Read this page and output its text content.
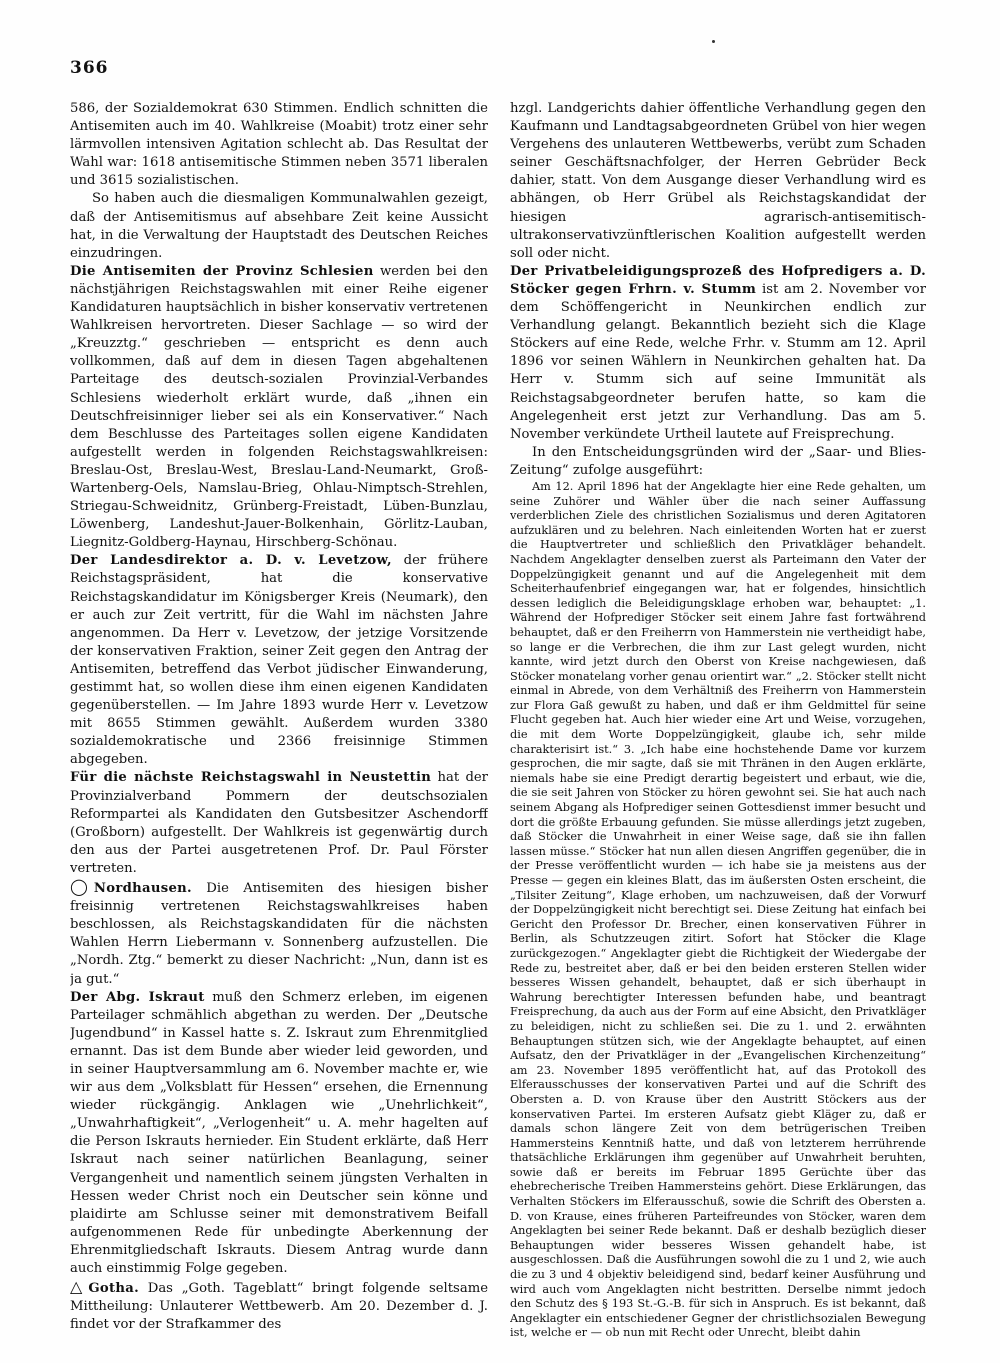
366

586, der Sozialdemokrat 630 Stimmen. Endlich schnitten die Antisemiten auch im 40. Wahlkreise (Moabit) trotz einer sehr lärmvollen intensiven Agitation schlecht ab. Das Resultat der Wahl war: 1618 antisemitische Stimmen neben 3571 liberalen und 3615 sozialistischen.

So haben auch die diesmaligen Kommunalwahlen gezeigt, daß der Antisemitismus auf absehbare Zeit keine Aussicht hat, in die Verwaltung der Hauptstadt des Deutschen Reiches einzudringen.

Die Antisemiten der Provinz Schlesien werden bei den nächstjährigen Reichstagswahlen mit einer Reihe eigener Kandidaturen hauptsächlich in bisher konservativ vertretenen Wahlkreisen hervortreten. Dieser Sachlage — so wird der „Kreuzztg.“ geschrieben — entspricht es denn auch vollkommen, daß auf dem in diesen Tagen abgehaltenen Parteitage des deutsch-sozialen Provinzial-Verbandes Schlesiens wiederholt erklärt wurde, daß „ihnen ein Deutschfreisinniger lieber sei als ein Konservativer.“ Nach dem Beschlusse des Parteitages sollen eigene Kandidaten aufgestellt werden in folgenden Reichstagswahlkreisen: Breslau-Ost, Breslau-West, Breslau-Land-Neumarkt, Groß-Wartenberg-Oels, Namslau-Brieg, Ohlau-Nimptsch-Strehlen, Striegau-Schweidnitz, Grünberg-Freistadt, Lüben-Bunzlau, Löwenberg, Landeshut-Jauer-Bolkenhain, Görlitz-Lauban, Liegnitz-Goldberg-Haynau, Hirschberg-Schönau.

Der Landesdirektor a. D. v. Levetzow, der frühere Reichstagspräsident, hat die konservative Reichstagskandidatur im Königsberger Kreis (Neumark), den er auch zur Zeit vertritt, für die Wahl im nächsten Jahre angenommen. Da Herr v. Levetzow, der jetzige Vorsitzende der konservativen Fraktion, seiner Zeit gegen den Antrag der Antisemiten, betreffend das Verbot jüdischer Einwanderung, gestimmt hat, so wollen diese ihm einen eigenen Kandidaten gegenüberstellen. — Im Jahre 1893 wurde Herr v. Levetzow mit 8655 Stimmen gewählt. Außerdem wurden 3380 sozialdemokratische und 2366 freisinnige Stimmen abgegeben.

Für die nächste Reichstagswahl in Neustettin hat der Provinzialverband Pommern der deutschsozialen Reformpartei als Kandidaten den Gutsbesitzer Aschendorff (Großborn) aufgestellt. Der Wahlkreis ist gegenwärtig durch den aus der Partei ausgetretenen Prof. Dr. Paul Förster vertreten.

◯ Nordhausen. Die Antisemiten des hiesigen bisher freisinnig vertretenen Reichstagswahlkreises haben beschlossen, als Reichstagskandidaten für die nächsten Wahlen Herrn Liebermann v. Sonnenberg aufzustellen. Die „Nordh. Ztg.“ bemerkt zu dieser Nachricht: „Nun, dann ist es ja gut.“

Der Abg. Iskraut muß den Schmerz erleben, im eigenen Parteilager schmählich abgethan zu werden. Der „Deutsche Jugendbund“ in Kassel hatte s. Z. Iskraut zum Ehrenmitglied ernannt. Das ist dem Bunde aber wieder leid geworden, und in seiner Hauptversammlung am 6. November machte er, wie wir aus dem „Volksblatt für Hessen“ ersehen, die Ernennung wieder rückgängig. Anklagen wie „Unehrlichkeit“, „Unwahrhaftigkeit“, „Verlogenheit“ u. A. mehr hagelten auf die Person Iskrauts hernieder. Ein Student erklärte, daß Herr Iskraut nach seiner natürlichen Beanlagung, seiner Vergangenheit und namentlich seinem jüngsten Verhalten in Hessen weder Christ noch ein Deutscher sein könne und plaidirte am Schlusse seiner mit demonstrativem Beifall aufgenommenen Rede für unbedingte Aberkennung der Ehrenmitgliedschaft Iskrauts. Diesem Antrag wurde dann auch einstimmig Folge gegeben.

△ Gotha. Das „Goth. Tageblatt“ bringt folgende seltsame Mittheilung: Unlauterer Wettbewerb. Am 20. Dezember d. J. findet vor der Strafkammer des

hzgl. Landgerichts dahier öffentliche Verhandlung gegen den Kaufmann und Landtagsabgeordneten Grübel von hier wegen Vergehens des unlauteren Wettbewerbs, verübt zum Schaden seiner Geschäftsnachfolger, der Herren Gebrüder Beck dahier, statt. Von dem Ausgange dieser Verhandlung wird es abhängen, ob Herr Grübel als Reichstagskandidat der hiesigen agrarisch-antisemitisch-ultrakonservativzünftlerischen Koalition aufgestellt werden soll oder nicht.

Der Privatbeleidigungsprozeß des Hofpredigers a. D. Stöcker gegen Frhrn. v. Stumm ist am 2. November vor dem Schöffengericht in Neunkirchen endlich zur Verhandlung gelangt. Bekanntlich bezieht sich die Klage Stöckers auf eine Rede, welche Frhr. v. Stumm am 12. April 1896 vor seinen Wählern in Neunkirchen gehalten hat. Da Herr v. Stumm sich auf seine Immunität als Reichstagsabgeordneter berufen hatte, so kam die Angelegenheit erst jetzt zur Verhandlung. Das am 5. November verkündete Urtheil lautete auf Freisprechung.

In den Entscheidungsgründen wird der „Saar- und Blies-Zeitung“ zufolge ausgeführt:

Am 12. April 1896 hat der Angeklagte hier eine Rede gehalten, um seine Zuhörer und Wähler über die nach seiner Auffassung verderblichen Ziele des christlichen Sozialismus und deren Agitatoren aufzuklären und zu belehren. Nach einleitenden Worten hat er zuerst die Hauptvertreter und schließlich den Privatkläger behandelt. Nachdem Angeklagter denselben zuerst als Parteimann den Vater der Doppelzüngigkeit genannt und auf die Angelegenheit mit dem Scheiterhaufenbrief eingegangen war, hat er folgendes, hinsichtlich dessen lediglich die Beleidigungsklage erhoben war, behauptet: „1. Während der Hofprediger Stöcker seit einem Jahre fast fortwährend behauptet, daß er den Freiherrn von Hammerstein nie vertheidigt habe, so lange er die Verbrechen, die ihm zur Last gelegt wurden, nicht kannte, wird jetzt durch den Oberst von Kreise nachgewiesen, daß Stöcker monatelang vorher genau orientirt war.“ „2. Stöcker stellt nicht einmal in Abrede, von dem Verhältniß des Freiherrn von Hammerstein zur Flora Gaß gewußt zu haben, und daß er ihm Geldmittel für seine Flucht gegeben hat. Auch hier wieder eine Art und Weise, vorzugehen, die mit dem Worte Doppelzüngigkeit, glaube ich, sehr milde charakterisirt ist.“ 3. „Ich habe eine hochstehende Dame vor kurzem gesprochen, die mir sagte, daß sie mit Thränen in den Augen erklärte, niemals habe sie eine Predigt derartig begeistert und erbaut, wie die, die sie seit Jahren von Stöcker zu hören gewohnt sei. Sie hat auch nach seinem Abgang als Hofprediger seinen Gottesdienst immer besucht und dort die größte Erbauung gefunden. Sie müsse allerdings jetzt zugeben, daß Stöcker die Unwahrheit in einer Weise sage, daß sie ihn fallen lassen müsse.“ Stöcker hat nun allen diesen Angriffen gegenüber, die in der Presse veröffentlicht wurden — ich habe sie ja meistens aus der Presse — gegen ein kleines Blatt, das im äußersten Osten erscheint, die „Tilsiter Zeitung“, Klage erhoben, um nachzuweisen, daß der Vorwurf der Doppelzüngigkeit nicht berechtigt sei. Diese Zeitung hat einfach bei Gericht den Professor Dr. Brecher, einen konservativen Führer in Berlin, als Schutzzeugen zitirt. Sofort hat Stöcker die Klage zurückgezogen.“ Angeklagter giebt die Richtigkeit der Wiedergabe der Rede zu, bestreitet aber, daß er bei den beiden ersteren Stellen wider besseres Wissen gehandelt, behauptet, daß er sich überhaupt in Wahrung berechtigter Interessen befunden habe, und beantragt Freisprechung, da auch aus der Form auf eine Absicht, den Privatkläger zu beleidigen, nicht zu schließen sei. Die zu 1. und 2. erwähnten Behauptungen stützen sich, wie der Angeklagte behauptet, auf einen Aufsatz, den der Privatkläger in der „Evangelischen Kirchenzeitung“ am 23. November 1895 veröffentlicht hat, auf das Protokoll des Elferausschusses der konservativen Partei und auf die Schrift des Obersten a. D. von Krause über den Austritt Stöckers aus der konservativen Partei. Im ersteren Aufsatz giebt Kläger zu, daß er damals schon längere Zeit von dem betrügerischen Treiben Hammersteins Kenntniß hatte, und daß von letzterem herrührende thatsächliche Erklärungen ihm gegenüber auf Unwahrheit beruhten, sowie daß er bereits im Februar 1895 Gerüchte über das ehebrecherische Treiben Hammersteins gehört. Diese Erklärungen, das Verhalten Stöckers im Elferausschuß, sowie die Schrift des Obersten a. D. von Krause, eines früheren Parteifreundes von Stöcker, waren dem Angeklagten bei seiner Rede bekannt. Daß er deshalb bezüglich dieser Behauptungen wider besseres Wissen gehandelt habe, ist ausgeschlossen. Daß die Ausführungen sowohl die zu 1 und 2, wie auch die zu 3 und 4 objektiv beleidigend sind, bedarf keiner Ausführung und wird auch vom Angeklagten nicht bestritten. Derselbe nimmt jedoch den Schutz des § 193 St.-G.-B. für sich in Anspruch. Es ist bekannt, daß Angeklagter ein entschiedener Gegner der christlichsozialen Bewegung ist, welche er — ob nun mit Recht oder Unrecht, bleibt dahin
